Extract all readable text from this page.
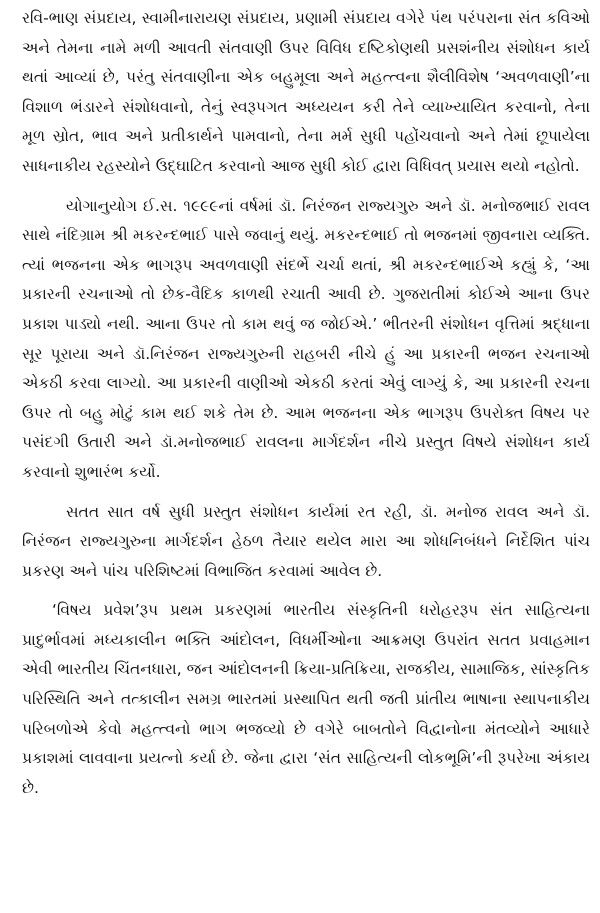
રવિ-ભાણ સંપ્રદાય, સ્વામીનારાયણ સંપ્રદાય, પ્રણામી સંપ્રદાય વગેરે પંથ પરંપરાના સંત કવિઓ અને તેમના નામે મળી આવતી સંતવાણી ઉપર વિવિધ દષ્ટિકોણથી પ્રસશંનીય સંશોધન કાર્ય થતાં આવ્યાં છે, પરંતુ સંતવાણીના એક બહુમૂલા અને મહત્ત્વના શૈલીવિશેષ ‘અવળવાણી’ના વિશાળ ભંડારને સંશોધવાનો, તેનું સ્વરૂપગત અધ્યયન કરી તેને વ્યાખ્યાયિત કરવાનો, તેના મૂળ સ્રોત, ભાવ અને પ્રતીકાર્થને પામવાનો, તેના મર્મ સુધી પહોંચવાનો અને તેમાં છૂપાયેલા સાધનાકીય રહસ્યોને ઉદ્ઘાટિત કરવાનો આજ સુધી કોઈ દ્વારા વિધિવત્ પ્રયાસ થયો નહોતો.

યોગાનુયોગ ઈ.સ. ૧૯૯૯નાં વર્ષમાં ડૉ. નિરંજન રાજ્યગુરુ અને ડૉ. મનોજભાઈ રાવલ સાથે નંદિગ્રામ શ્રી મકરન્દભાઈ પાસે જવાનું થયું. મકરન્દભાઈ તો ભજનમાં જીવનારા વ્યક્તિ. ત્યાં ભજનના એક ભાગરૂપ અવળવાણી સંદર્ભે ચર્ચા થતાં, શ્રી મકરન્દભાઈએ કહ્યું કે, ‘આ પ્રકારની રચનાઓ તો છેક-વૈદિક કાળથી રચાતી આવી છે. ગુજરાતીમાં કોઈએ આના ઉપર પ્રકાશ પાડ્યો નથી. આના ઉપર તો કામ થવું જ જોઈએ.’ ભીતરની સંશોધન વૃત્તિમાં શ્રદ્ધાના સૂર પૂરાયા અને ડૉ.નિરંજન રાજ્યગુરુની રાહબરી નીચે હું આ પ્રકારની ભજન રચનાઓ એકઠી કરવા લાગ્યો. આ પ્રકારની વાણીઓ એકઠી કરતાં એવું લાગ્યું કે, આ પ્રકારની રચના ઉપર તો બહુ મોટું કામ થઈ શકે તેમ છે. આમ ભજનના એક ભાગરૂપ ઉપરોક્ત વિષય પર પસંદગી ઉતારી અને ડૉ.મનોજભાઈ રાવલના માર્ગદર્શન નીચે પ્રસ્તુત વિષયે સંશોધન કાર્ય કરવાનો શુભારંભ કર્યો.

સતત સાત વર્ષ સુધી પ્રસ્તુત સંશોધન કાર્યમાં રત રહી, ડૉ. મનોજ રાવલ અને ડૉ. નિરંજન રાજ્યગુરુના માર્ગદર્શન હેઠળ તૈયાર થયેલ મારા આ શોધનિબંધને નિર્દેશિત પાંચ પ્રકરણ અને પાંચ પરિશિષ્ટમાં વિભાજિત કરવામાં આવેલ છે.

‘વિષય પ્રવેશ’રૂપ પ્રથમ પ્રકરણમાં ભારતીય સંસ્કૃતિની ધરોહરરૂપ સંત સાહિત્યના પ્રાદુર્ભાવમાં મધ્યકાલીન ભક્તિ આંદોલન, વિધર્મીઓના આક્રમણ ઉપરાંત સતત પ્રવાહમાન એવી ભારતીય ચિંતનધારા, જન આંદોલનની ક્રિયા-પ્રતિક્રિયા, રાજકીય, સામાજિક, સાંસ્કૃતિક પરિસ્થિતિ અને તત્કાલીન સમગ્ર ભારતમાં પ્રસ્થાપિત થતી જતી પ્રાંતીય ભાષાના સ્થાપનાકીય પરિબળોએ કેવો મહત્ત્વનો ભાગ ભજવ્યો છે વગેરે બાબતોને વિદ્વાનોના મંતવ્યોને આધારે પ્રકાશમાં લાવવાના પ્રયત્નો કર્યા છે. જેના દ્વારા ‘સંત સાહિત્યની લોકભૂમિ’ની રૂપરેખા અંકાય છે.
